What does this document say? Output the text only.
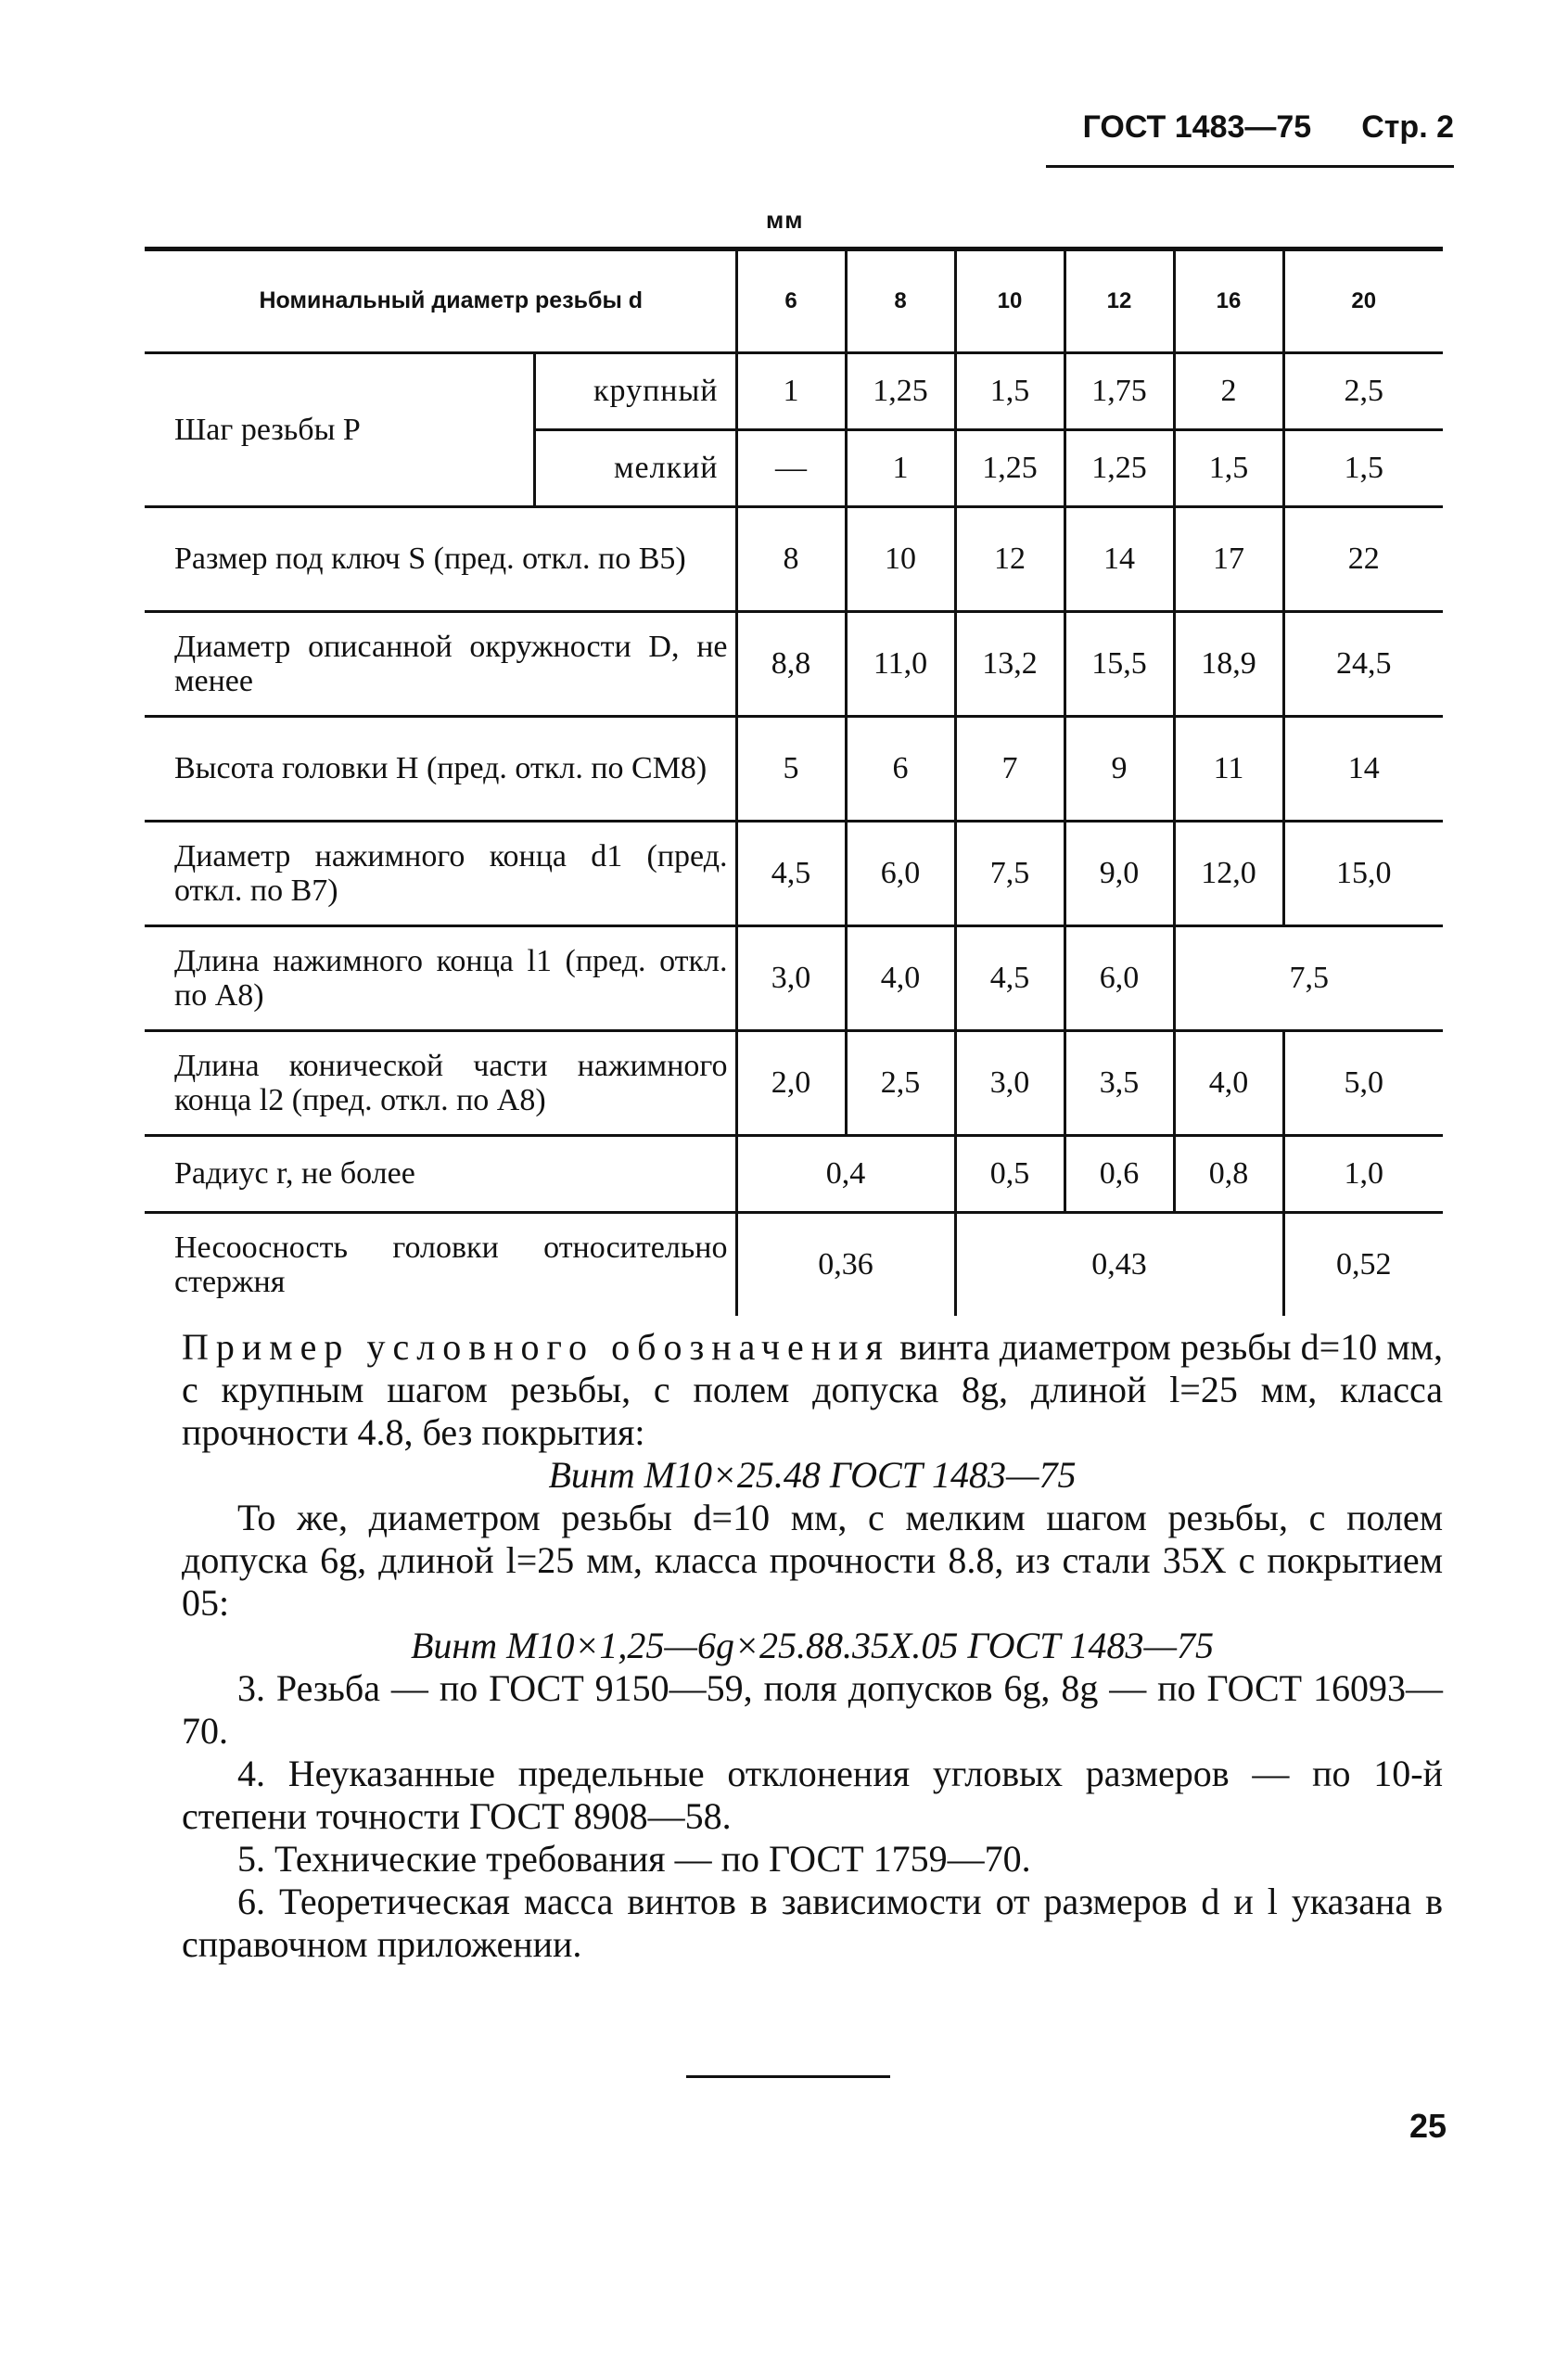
ГОСТ 1483—75 Стр. 2
мм
Номинальный диаметр резьбы d		6	8	10	12	16	20
Шаг резьбы P	крупный	1	1,25	1,5	1,75	2	2,5
	мелкий	—	1	1,25	1,25	1,5	1,5
Размер под ключ S (пред. откл. по B5)		8	10	12	14	17	22
Диаметр описанной окружности D, не менее		8,8	11,0	13,2	15,5	18,9	24,5
Высота головки H (пред. откл. по CM8)		5	6	7	9	11	14
Диаметр нажимного конца d1 (пред. откл. по B7)		4,5	6,0	7,5	9,0	12,0	15,0
Длина нажимного конца l1 (пред. откл. по A8)		3,0	4,0	4,5	6,0	7,5	
Длина конической части нажимного конца l2 (пред. откл. по A8)		2,0	2,5	3,0	3,5	4,0	5,0
Радиус r, не более		0,4		0,5	0,6	0,8	1,0
Несоосность головки относительно стержня		0,36		0,43			0,52
Пример условного обозначения винта диаметром резьбы d=10 мм, с крупным шагом резьбы, с полем допуска 8g, длиной l=25 мм, класса прочности 4.8, без покрытия:
Винт М10×25.48 ГОСТ 1483—75
То же, диаметром резьбы d=10 мм, с мелким шагом резьбы, с полем допуска 6g, длиной l=25 мм, класса прочности 8.8, из стали 35Х с покрытием 05:
Винт М10×1,25—6g×25.88.35Х.05 ГОСТ 1483—75
3. Резьба — по ГОСТ 9150—59, поля допусков 6g, 8g — по ГОСТ 16093—70.
4. Неуказанные предельные отклонения угловых размеров — по 10-й степени точности ГОСТ 8908—58.
5. Технические требования — по ГОСТ 1759—70.
6. Теоретическая масса винтов в зависимости от размеров d и l указана в справочном приложении.
25
